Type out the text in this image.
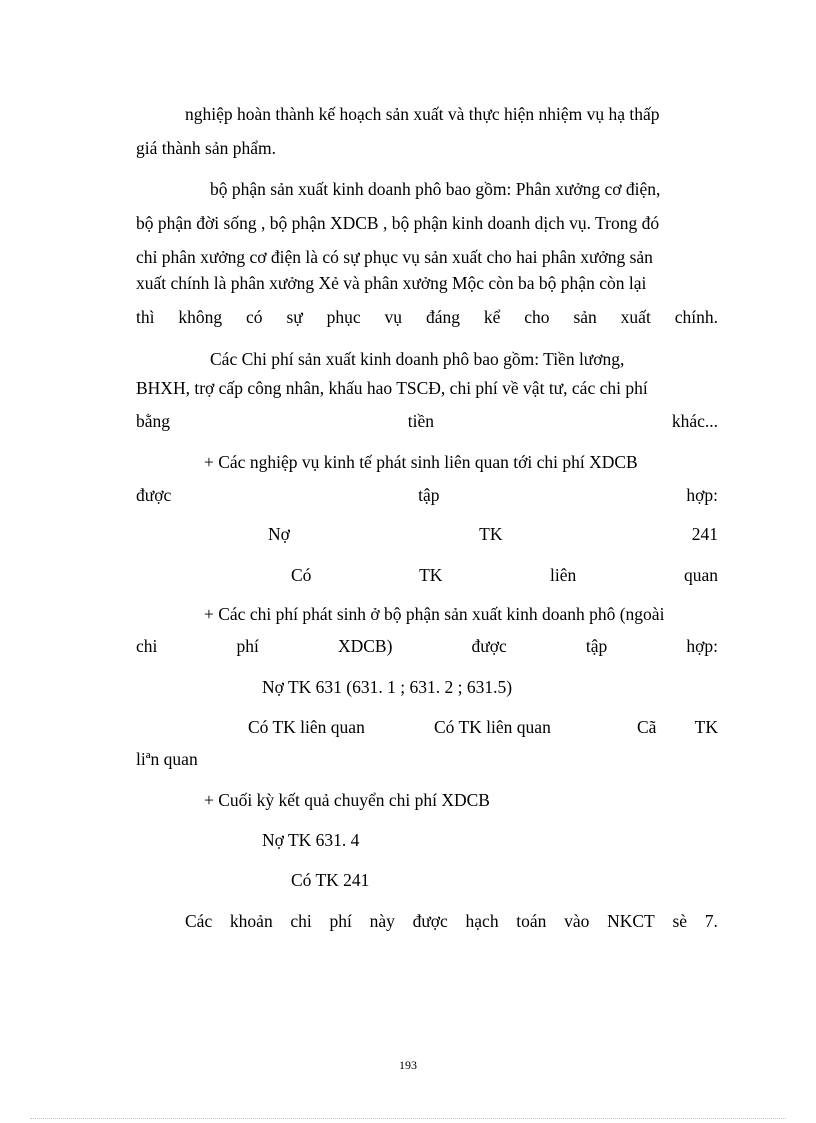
nghiệp hoàn thành kế hoạch sản xuất và thực hiện nhiệm vụ hạ thấp
giá thành sản phẩm.
bộ phận sản xuất kinh doanh phô bao gồm: Phân xưởng cơ điện,
bộ phận đời sống , bộ phận XDCB , bộ phận kinh doanh dịch vụ. Trong đó
chỉ phân xưởng cơ điện là có sự phục vụ sản xuất cho hai phân xưởng sản
xuất chính là phân xưởng Xẻ và phân xưởng Mộc còn ba bộ phận còn lại
thì không có sự phục vụ đáng kể cho sản xuất chính.
Các Chi phí sản xuất kinh doanh phô bao gồm: Tiền lương,
BHXH, trợ cấp công nhân, khấu hao TSCĐ, chi phí về vật tư, các chi phí
bằng	tiền	khác...
+ Các nghiệp vụ kinh tế phát sinh liên quan tới chi phí XDCB
được	tập	hợp:
Nợ	TK	241
Có	TK	liên	quan
+ Các chi phí phát sinh ở bộ phận sản xuất kinh doanh phô (ngoài
chi	phí	XDCB)	được	tập	hợp:
Nợ TK 631 (631. 1 ; 631. 2 ; 631.5)
Có TK liên quan	Có TK liên quan	Cã TK
liªn quan
+ Cuối kỳ kết quả chuyển chi phí XDCB
Nợ TK 631. 4
Có TK 241
Các khoản chi phí này được hạch toán vào NKCT sè 7.
193
